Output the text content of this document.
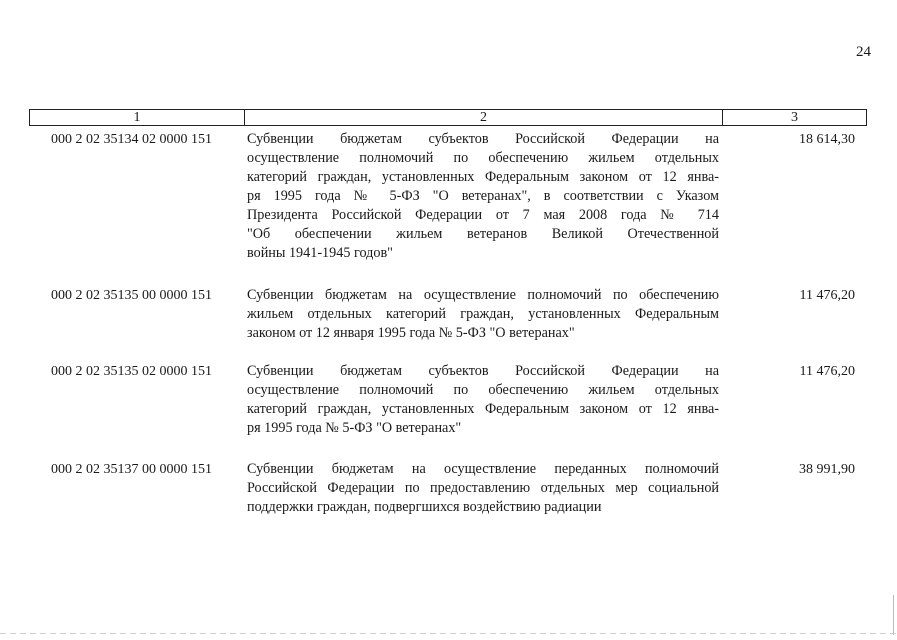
24
1	2	3
000 2 02 35134 02 0000 151 Субвенции бюджетам субъектов Российской Федерации на
осуществление полномочий по обеспечению жильем отдельных
категорий граждан, установленных Федеральным законом от 12 янва-
ря 1995 года № 5-ФЗ "О ветеранах", в соответствии с Указом
Президента Российской Федерации от 7 мая 2008 года № 714
"Об обеспечении жильем ветеранов Великой Отечественной
войны 1941-1945 годов"
18 614,30
000 2 02 35135 00 0000 151 Субвенции бюджетам на осуществление полномочий по обеспечению
жильем отдельных категорий граждан, установленных Федеральным
законом от 12 января 1995 года № 5-ФЗ "О ветеранах"
11 476,20
000 2 02 35135 02 0000 151 Субвенции бюджетам субъектов Российской Федерации на
осуществление полномочий по обеспечению жильем отдельных
категорий граждан, установленных Федеральным законом от 12 янва-
ря 1995 года № 5-ФЗ "О ветеранах"
11 476,20
000 2 02 35137 00 0000 151 Субвенции бюджетам на осуществление переданных полномочий
Российской Федерации по предоставлению отдельных мер социальной
поддержки граждан, подвергшихся воздействию радиации
38 991,90
